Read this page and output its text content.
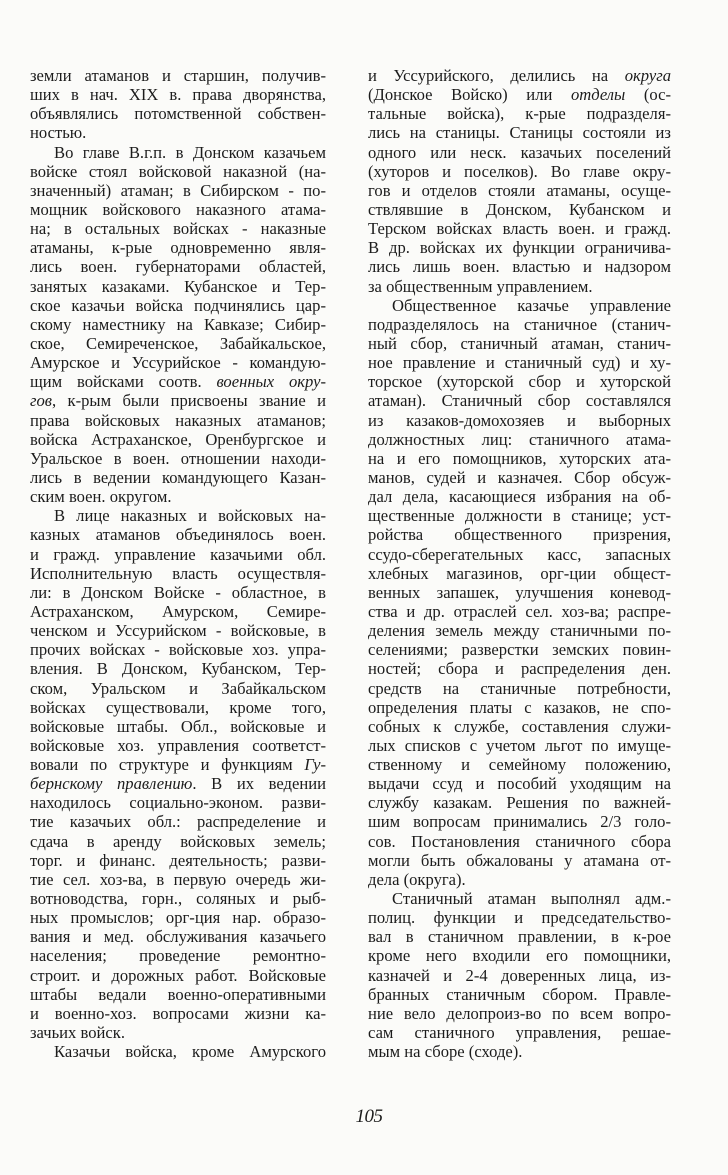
земли атаманов и старшин, получив-
ших в нач. XIX в. права дворянства,
объявлялись потомственной собствен-
ностью.
Во главе В.г.п. в Донском казачьем
войске стоял войсковой наказной (на-
значенный) атаман; в Сибирском - по-
мощник войскового наказного атама-
на; в остальных войсках - наказные
атаманы, к-рые одновременно явля-
лись воен. губернаторами областей,
занятых казаками. Кубанское и Тер-
ское казачьи войска подчинялись цар-
скому наместнику на Кавказе; Сибир-
ское, Семиреченское, Забайкальское,
Амурское и Уссурийское - командую-
щим войсками соотв. военных окру-
гов, к-рым были присвоены звание и
права войсковых наказных атаманов;
войска Астраханское, Оренбургское и
Уральское в воен. отношении находи-
лись в ведении командующего Казан-
ским воен. округом.
В лице наказных и войсковых на-
казных атаманов объединялось воен.
и гражд. управление казачьими обл.
Исполнительную власть осуществля-
ли: в Донском Войске - областное, в
Астраханском, Амурском, Семире-
ченском и Уссурийском - войсковые, в
прочих войсках - войсковые хоз. упра-
вления. В Донском, Кубанском, Тер-
ском, Уральском и Забайкальском
войсках существовали, кроме того,
войсковые штабы. Обл., войсковые и
войсковые хоз. управления соответст-
вовали по структуре и функциям Гу-
бернскому правлению. В их ведении
находилось социально-эконом. разви-
тие казачьих обл.: распределение и
сдача в аренду войсковых земель;
торг. и финанс. деятельность; разви-
тие сел. хоз-ва, в первую очередь жи-
вотноводства, горн., соляных и рыб-
ных промыслов; орг-ция нар. образо-
вания и мед. обслуживания казачьего
населения; проведение ремонтно-
строит. и дорожных работ. Войсковые
штабы ведали военно-оперативными
и военно-хоз. вопросами жизни ка-
зачьих войск.
Казачьи войска, кроме Амурского
и Уссурийского, делились на округа
(Донское Войско) или отделы (ос-
тальные войска), к-рые подразделя-
лись на станицы. Станицы состояли из
одного или неск. казачьих поселений
(хуторов и поселков). Во главе окру-
гов и отделов стояли атаманы, осуще-
ствлявшие в Донском, Кубанском и
Терском войсках власть воен. и гражд.
В др. войсках их функции ограничива-
лись лишь воен. властью и надзором
за общественным управлением.
Общественное казачье управление
подразделялось на станичное (станич-
ный сбор, станичный атаман, станич-
ное правление и станичный суд) и ху-
торское (хуторской сбор и хуторской
атаман). Станичный сбор составлялся
из казаков-домохозяев и выборных
должностных лиц: станичного атама-
на и его помощников, хуторских ата-
манов, судей и казначея. Сбор обсуж-
дал дела, касающиеся избрания на об-
щественные должности в станице; уст-
ройства общественного призрения,
ссудо-сберегательных касс, запасных
хлебных магазинов, орг-ции общест-
венных запашек, улучшения коневод-
ства и др. отраслей сел. хоз-ва; распре-
деления земель между станичными по-
селениями; разверстки земских повин-
ностей; сбора и распределения ден.
средств на станичные потребности,
определения платы с казаков, не спо-
собных к службе, составления служи-
лых списков с учетом льгот по имуще-
ственному и семейному положению,
выдачи ссуд и пособий уходящим на
службу казакам. Решения по важней-
шим вопросам принимались 2/3 голо-
сов. Постановления станичного сбора
могли быть обжалованы у атамана от-
дела (округа).
Станичный атаман выполнял адм.-
полиц. функции и председательство-
вал в станичном правлении, в к-рое
кроме него входили его помощники,
казначей и 2-4 доверенных лица, из-
бранных станичным сбором. Правле-
ние вело делопроиз-во по всем вопро-
сам станичного управления, решае-
мым на сборе (сходе).
105
